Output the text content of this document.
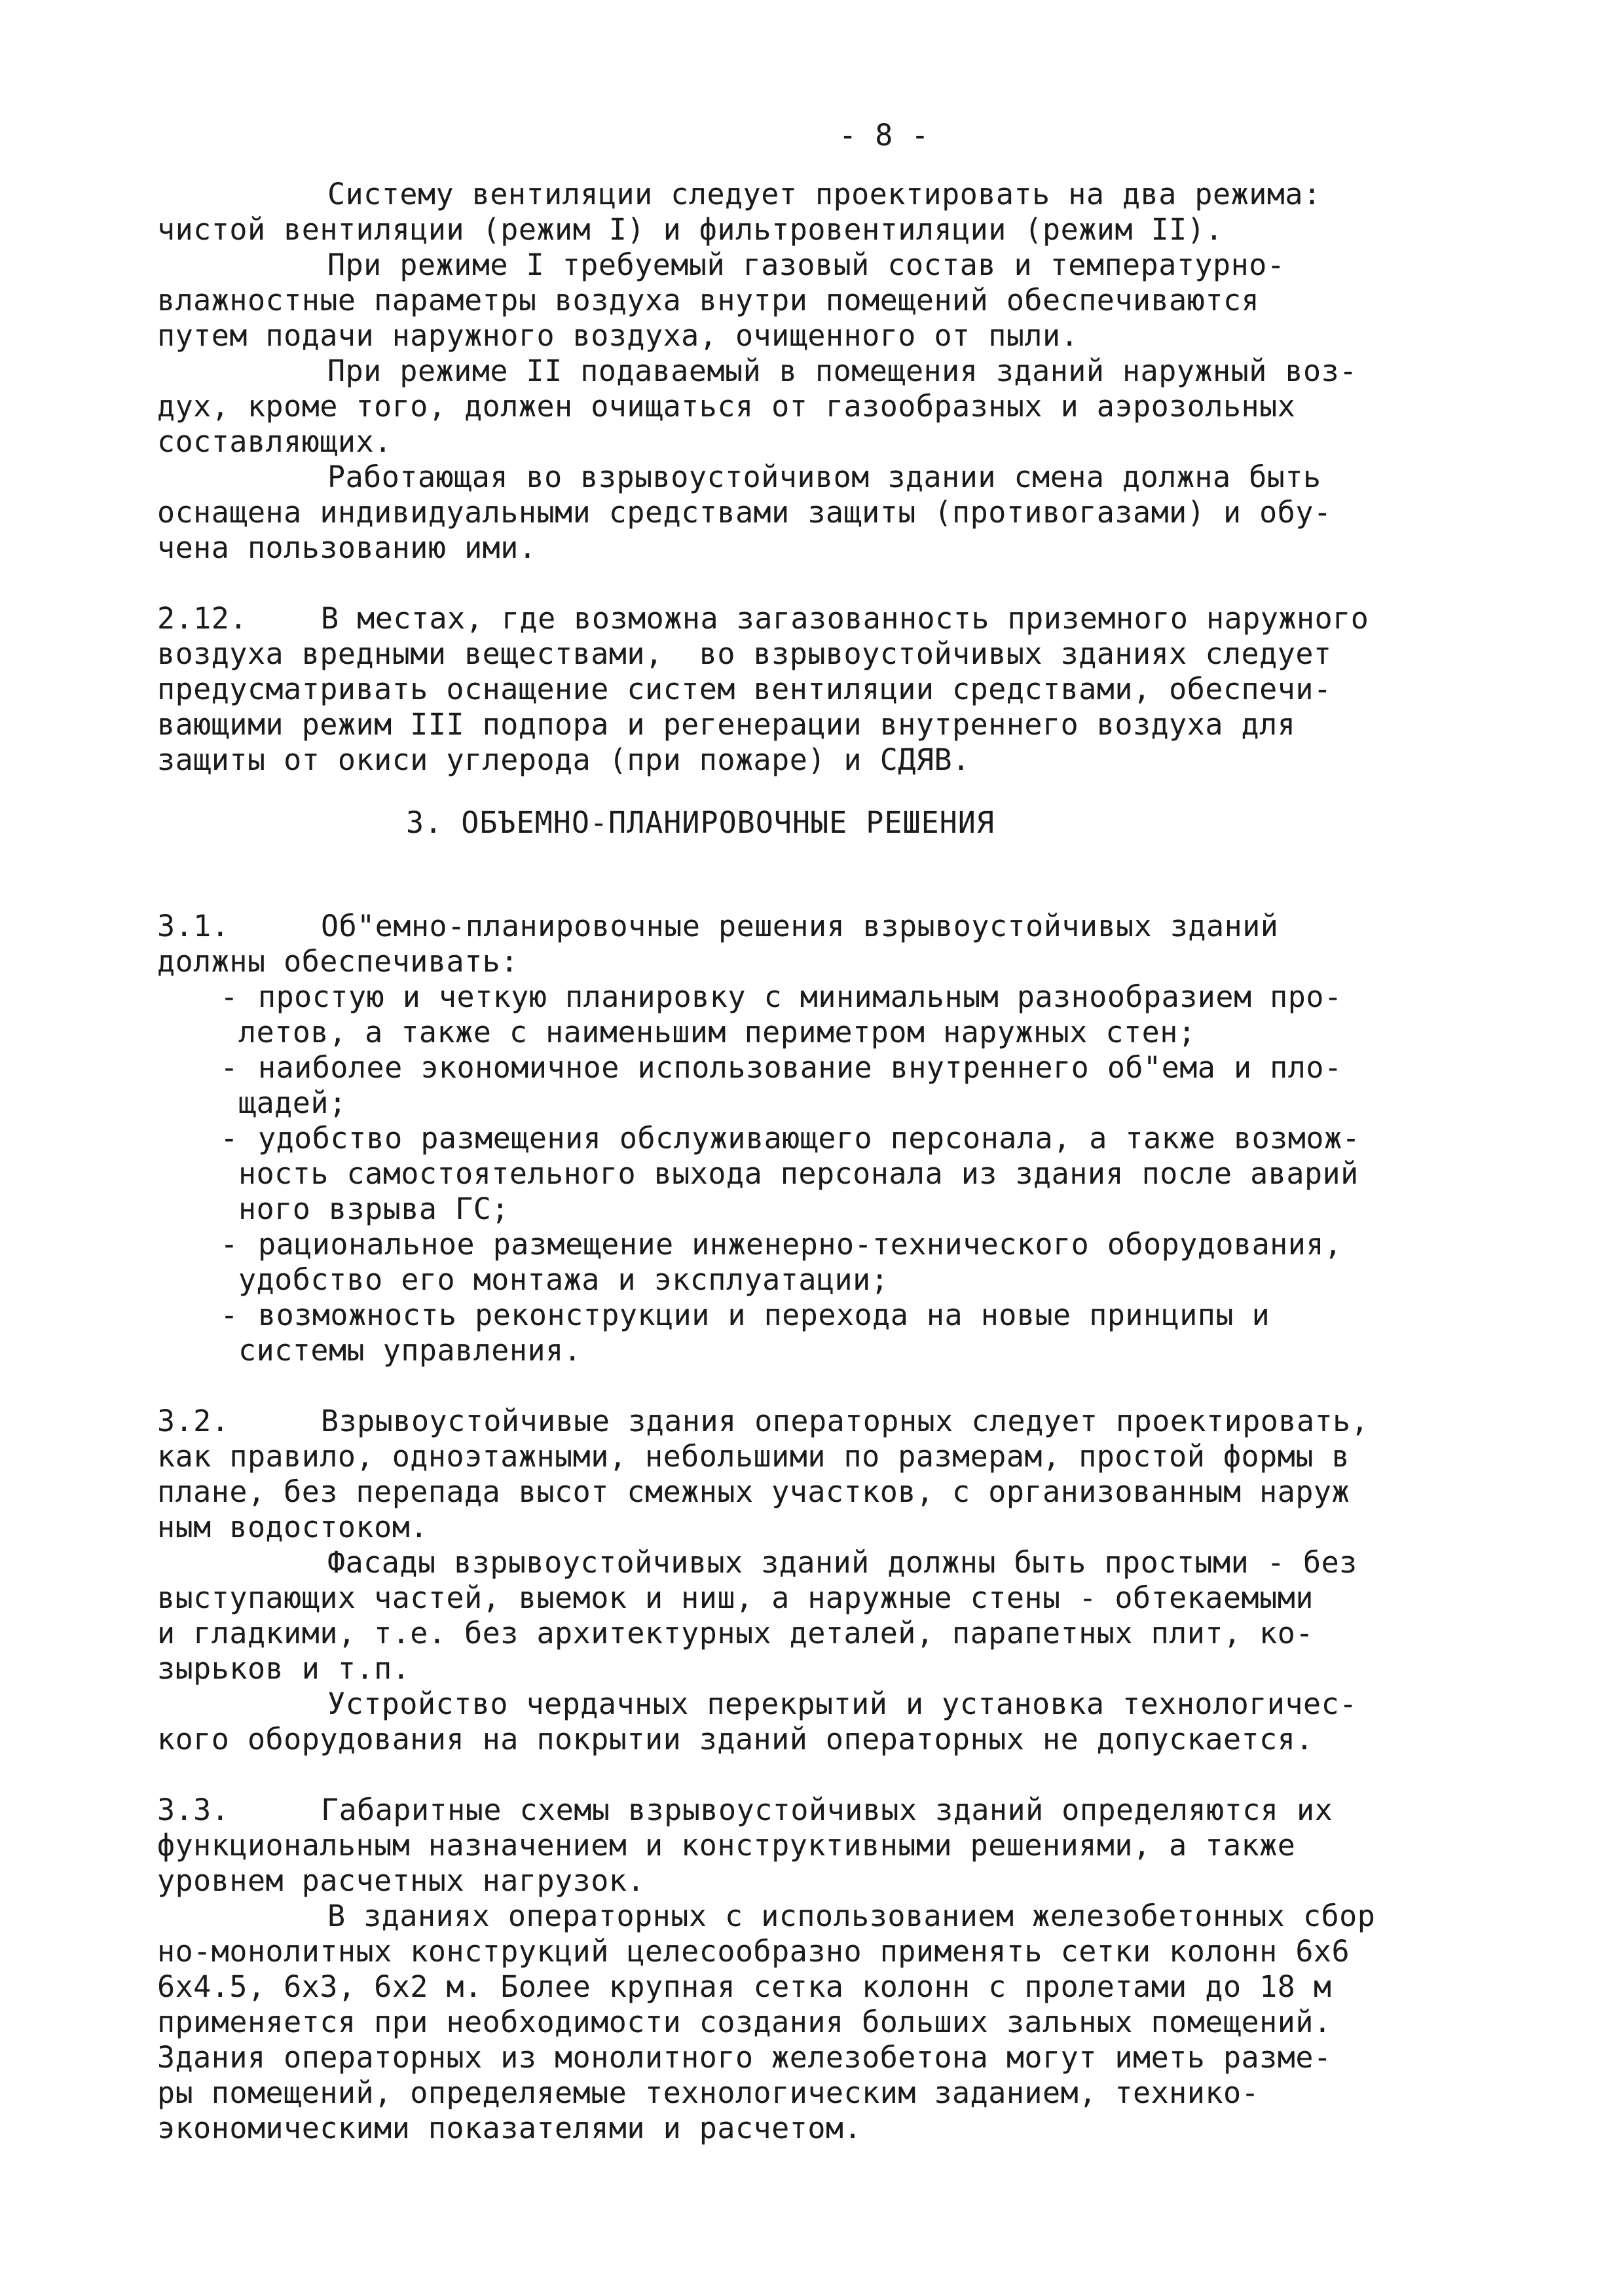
- 8 -
Систему вентиляции следует проектировать на два режима:
чистой вентиляции (режим I) и фильтровентиляции (режим II).
При режиме I требуемый газовый состав и температурно-
влажностные параметры воздуха внутри помещений обеспечиваются
путем подачи наружного воздуха, очищенного от пыли.
При режиме II подаваемый в помещения зданий наружный воз-
дух, кроме того, должен очищаться от газообразных и аэрозольных
составляющих.
Работающая во взрывоустойчивом здании смена должна быть
оснащена индивидуальными средствами защиты (противогазами) и обу-
чена пользованию ими.
2.12. В местах, где возможна загазованность приземного наружного
воздуха вредными веществами,  во взрывоустойчивых зданиях следует
предусматривать оснащение систем вентиляции средствами, обеспечи-
вающими режим III подпора и регенерации внутреннего воздуха для
защиты от окиси углерода (при пожаре) и СДЯВ.
3. ОБЪЕМНО-ПЛАНИРОВОЧНЫЕ РЕШЕНИЯ
3.1.	Об"емно-планировочные решения взрывоустойчивых зданий
должны обеспечивать:
- простую и четкую планировку с минимальным разнообразием про-
летов, а также с наименьшим периметром наружных стен;
- наиболее экономичное использование внутреннего об"ема и пло-
щадей;
- удобство размещения обслуживающего персонала, а также возмож-
ность самостоятельного выхода персонала из здания после аварий
ного взрыва ГС;
- рациональное размещение инженерно-технического оборудования,
удобство его монтажа и эксплуатации;
- возможность реконструкции и перехода на новые принципы и
системы управления.
3.2.	Взрывоустойчивые здания операторных следует проектировать,
как правило, одноэтажными, небольшими по размерам, простой формы в
плане, без перепада высот смежных участков, с организованным наруж
ным водостоком.
Фасады взрывоустойчивых зданий должны быть простыми - без
выступающих частей, выемок и ниш, а наружные стены - обтекаемыми
и гладкими, т.е. без архитектурных деталей, парапетных плит, ко-
зырьков и т.п.
Устройство чердачных перекрытий и установка технологичес-
кого оборудования на покрытии зданий операторных не допускается.
3.3.	Габаритные схемы взрывоустойчивых зданий определяются их
функциональным назначением и конструктивными решениями, а также
уровнем расчетных нагрузок.
В зданиях операторных с использованием железобетонных сбор
но-монолитных конструкций целесообразно применять сетки колонн 6x6
6x4.5, 6x3, 6x2 м. Более крупная сетка колонн с пролетами до 18 м
применяется при необходимости создания больших зальных помещений.
Здания операторных из монолитного железобетона могут иметь разме-
ры помещений, определяемые технологическим заданием, технико-
экономическими показателями и расчетом.
